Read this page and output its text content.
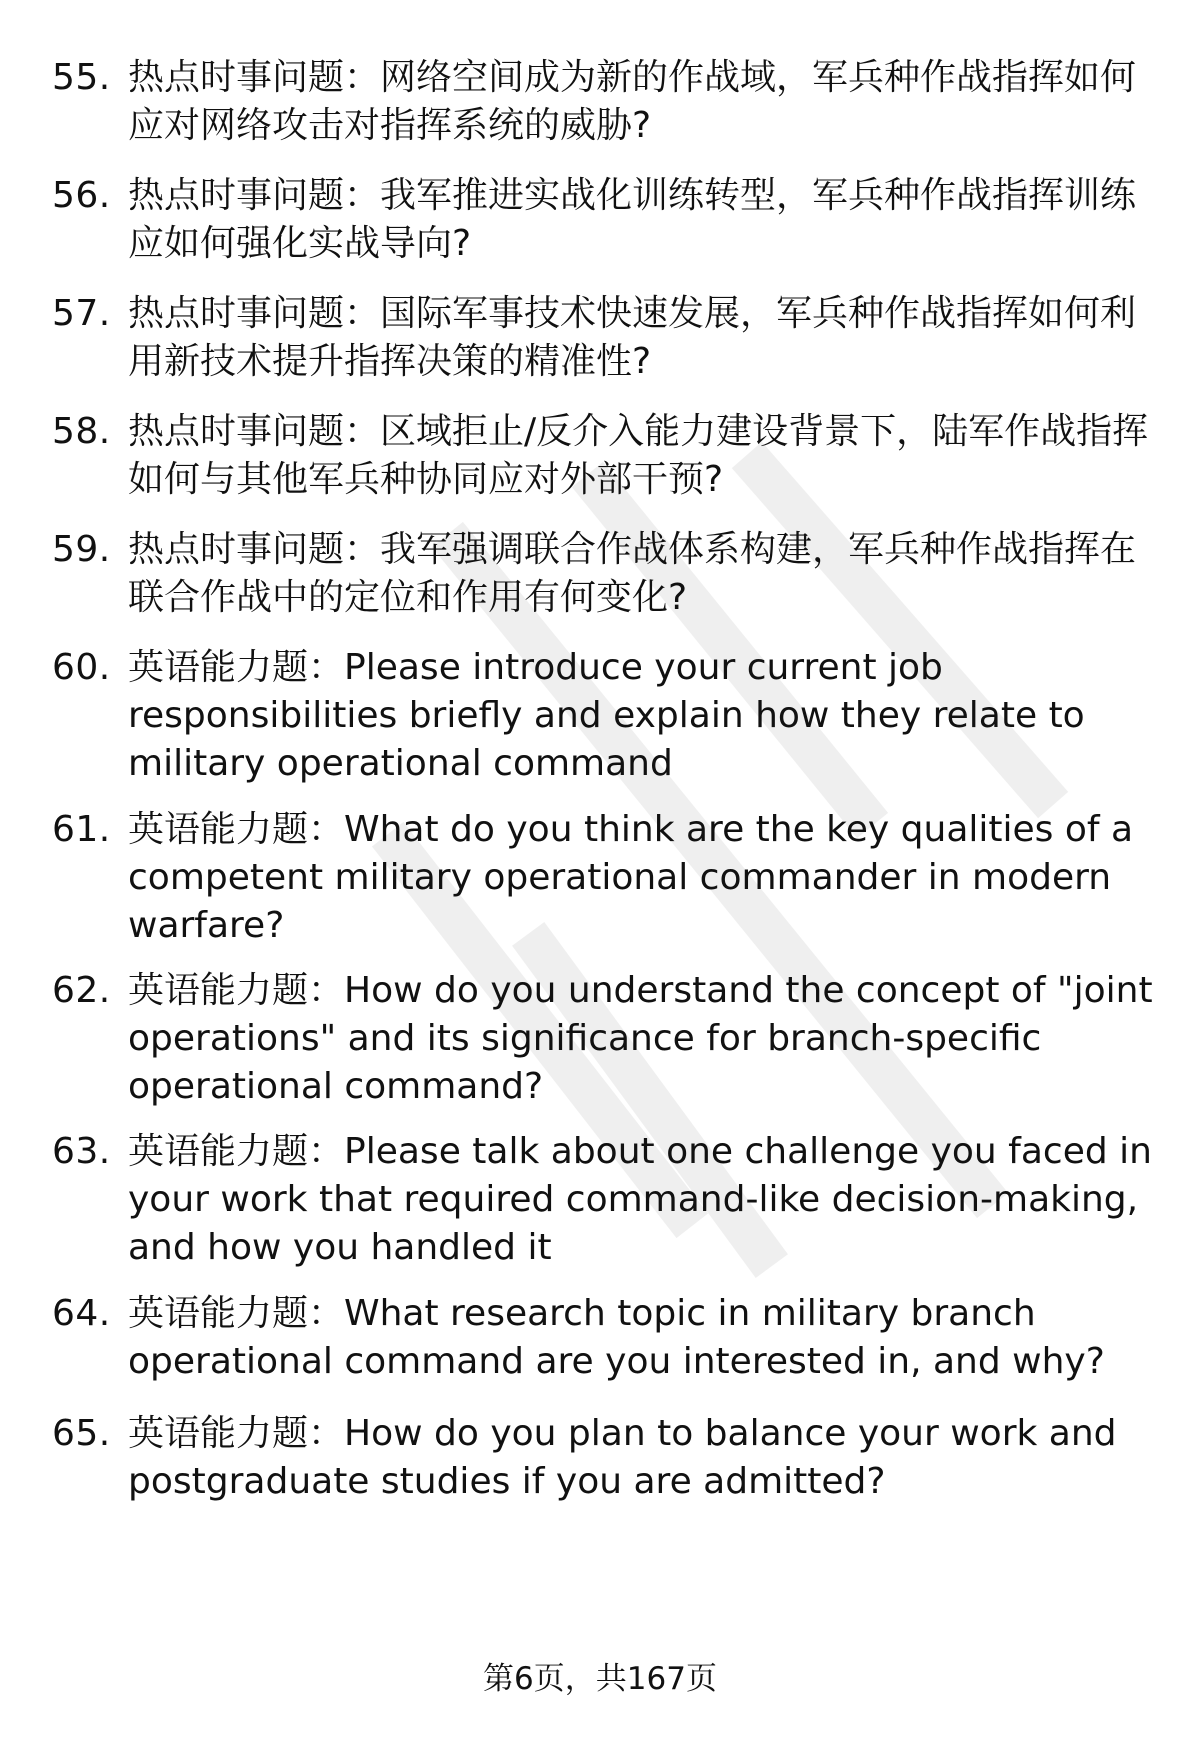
55. 热点时事问题：网络空间成为新的作战域，军兵种作战指挥如何应对网络攻击对指挥系统的威胁?
56. 热点时事问题：我军推进实战化训练转型，军兵种作战指挥训练应如何强化实战导向?
57. 热点时事问题：国际军事技术快速发展，军兵种作战指挥如何利用新技术提升指挥决策的精准性?
58. 热点时事问题：区域拒止/反介入能力建设背景下，陆军作战指挥如何与其他军兵种协同应对外部干预?
59. 热点时事问题：我军强调联合作战体系构建，军兵种作战指挥在联合作战中的定位和作用有何变化?
60. 英语能力题：Please introduce your current job responsibilities briefly and explain how they relate to military operational command
61. 英语能力题：What do you think are the key qualities of a competent military operational commander in modern warfare?
62. 英语能力题：How do you understand the concept of "joint operations" and its significance for branch-specific operational command?
63. 英语能力题：Please talk about one challenge you faced in your work that required command-like decision-making, and how you handled it
64. 英语能力题：What research topic in military branch operational command are you interested in, and why?
65. 英语能力题：How do you plan to balance your work and postgraduate studies if you are admitted?
第6页，共167页
